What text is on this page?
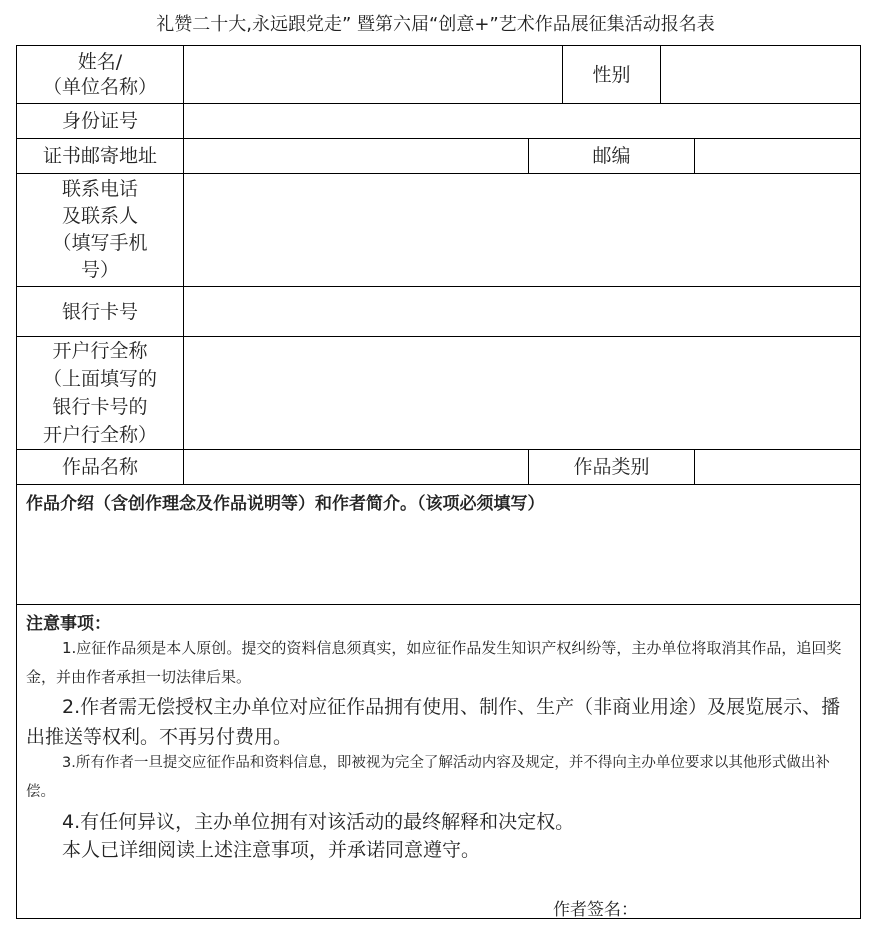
礼赞二十大,永远跟党走” 暨第六届“创意+”艺术作品展征集活动报名表
姓名/
（单位名称）
性别
身份证号
证书邮寄地址	邮编
联系电话
及联系人
（填写手机
号）
银行卡号
开户行全称
（上面填写的
银行卡号的
开户行全称）
作品名称	作品类别
作品介绍（含创作理念及作品说明等）和作者简介。（该项必须填写）
注意事项：
1.应征作品须是本人原创。提交的资料信息须真实，如应征作品发生知识产权纠纷等，主办单位将取消其作品，追回奖金，并由作者承担一切法律后果。
2.作者需无偿授权主办单位对应征作品拥有使用、制作、生产（非商业用途）及展览展示、播出推送等权利。不再另付费用。
3.所有作者一旦提交应征作品和资料信息，即被视为完全了解活动内容及规定，并不得向主办单位要求以其他形式做出补偿。
4.有任何异议，主办单位拥有对该活动的最终解释和决定权。
本人已详细阅读上述注意事项，并承诺同意遵守。
作者签名：
